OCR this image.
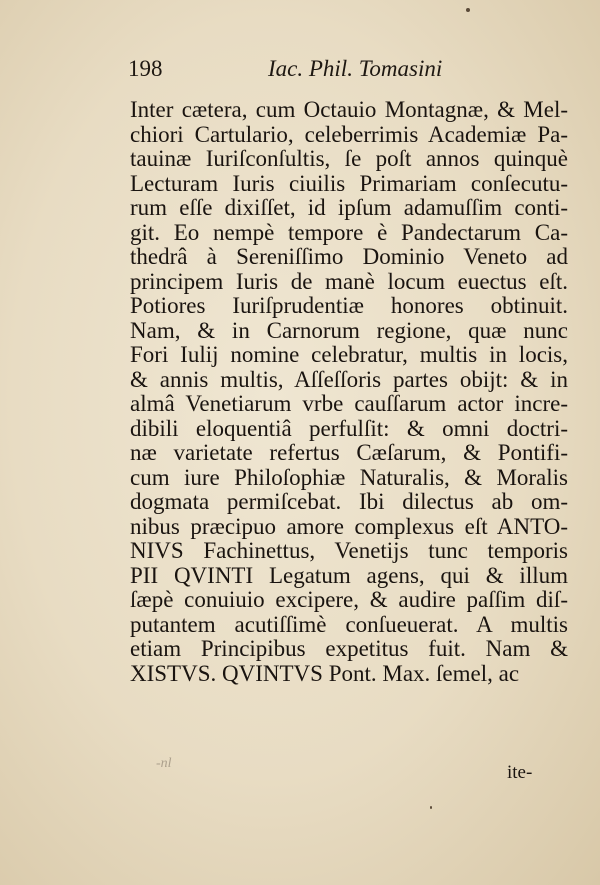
198	Iac. Phil. Tomasini
Inter cætera, cum Octauio Montagnæ, & Mel-
chiori Cartulario, celeberrimis Academiæ Pa-
tauinæ Iuriſconſultis, ſe poſt annos quinquè
Lecturam Iuris ciuilis Primariam conſecutu-
rum eſſe dixiſſet, id ipſum adamuſſim conti-
git. Eo nempè tempore è Pandectarum Ca-
thedrâ à Sereniſſimo Dominio Veneto ad
principem Iuris de manè locum euectus eſt.
Potiores Iuriſprudentiæ honores obtinuit.
Nam, & in Carnorum regione, quæ nunc
Fori Iulij nomine celebratur, multis in locis,
& annis multis, Aſſeſſoris partes obijt: & in
almâ Venetiarum vrbe cauſſarum actor incre-
dibili eloquentiâ perfulſit: & omni doctri-
næ varietate refertus Cæſarum, & Pontifi-
cum iure Philoſophiæ Naturalis, & Moralis
dogmata permiſcebat. Ibi dilectus ab om-
nibus præcipuo amore complexus eſt ANTO-
NIVS Fachinettus, Venetijs tunc temporis
PII QVINTI Legatum agens, qui & illum
ſæpè conuiuio excipere, & audire paſſim diſ-
putantem acutiſſimè conſueuerat. A multis
etiam Principibus expetitus fuit. Nam &
XISTVS. QVINTVS Pont. Max. ſemel, ac
-nl	ite-
